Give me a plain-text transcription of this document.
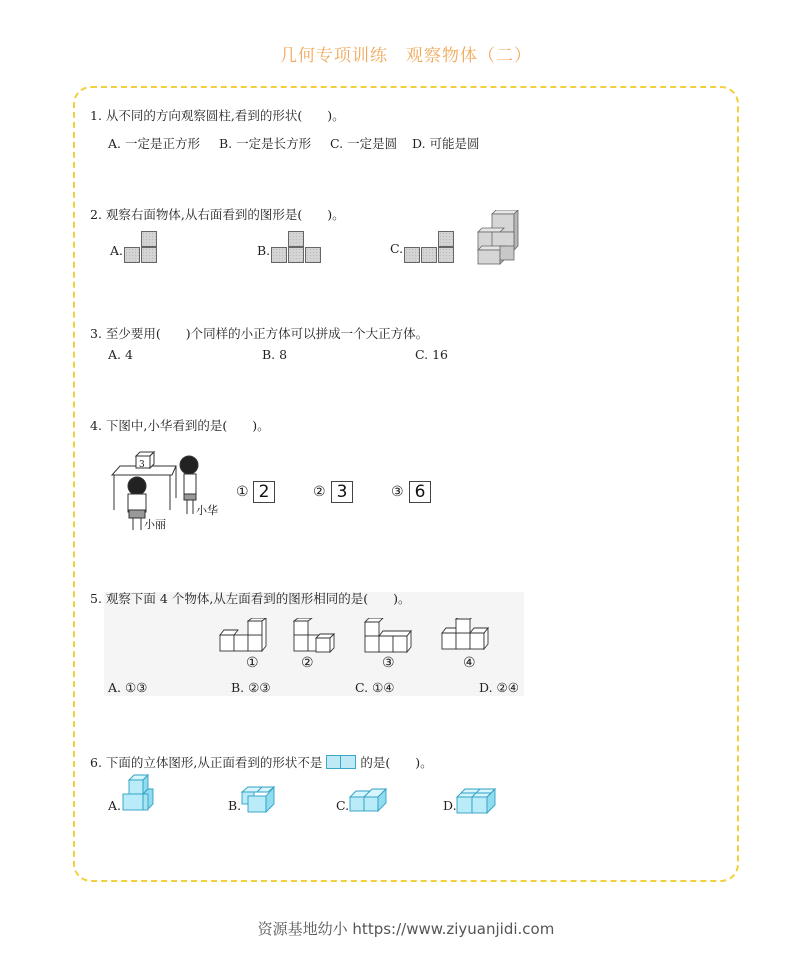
几何专项训练 观察物体（二）
1. 从不同的方向观察圆柱,看到的形状(　　)。
A. 一定是正方形 B. 一定是长方形 C. 一定是圆 D. 可能是圆
2. 观察右面物体,从右面看到的图形是(　　)。
A.	B.	C.
3. 至少要用(　　)个同样的小正方体可以拼成一个大正方体。
A. 4	B. 8	C. 16
4. 下图中,小华看到的是(　　)。
3
小丽
小华
① 2	② 3	③ 6
5. 观察下面 4 个物体,从左面看到的图形相同的是(　　)。
①	②	③	④
A. ①③	B. ②③	C. ①④	D. ②④
6. 下面的立体图形,从正面看到的形状不是	的是(　　)。
A.	B.	C.	D.
资源基地幼小 https://www.ziyuanjidi.com
